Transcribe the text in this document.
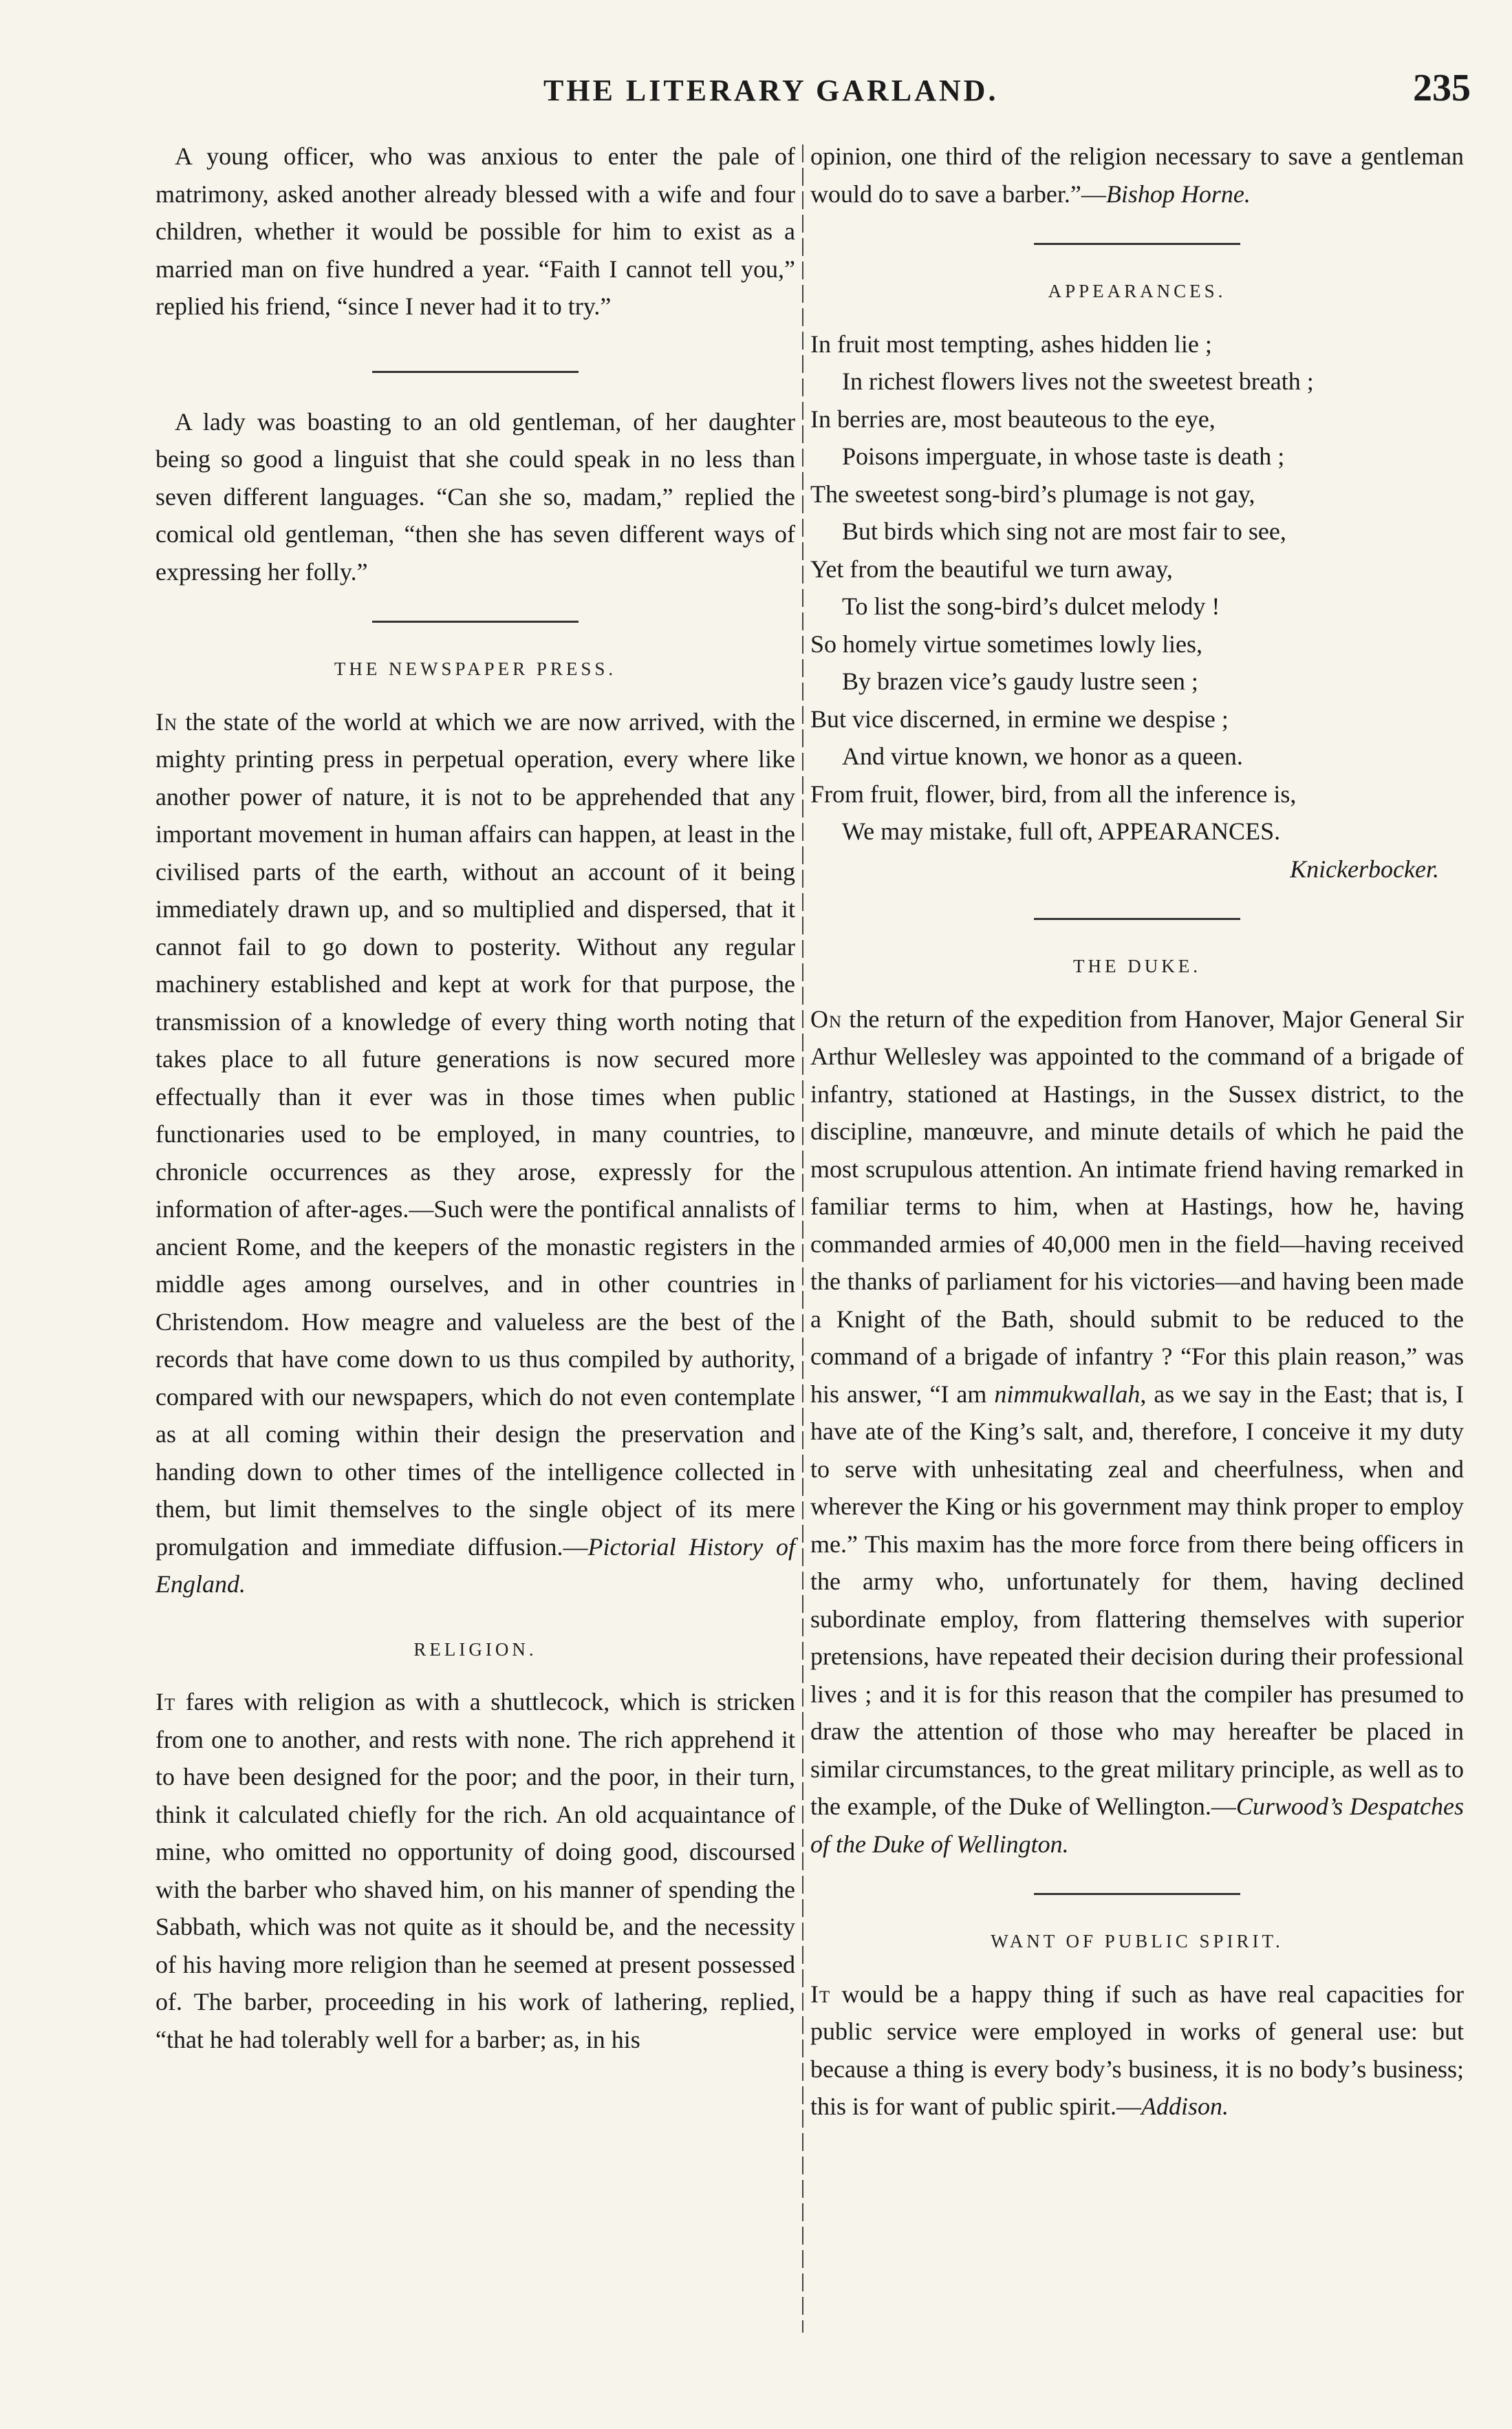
THE LITERARY GARLAND.	235

A young officer, who was anxious to enter the pale of matrimony, asked another already blessed with a wife and four children, whether it would be possible for him to exist as a married man on five hundred a year. “Faith I cannot tell you,” replied his friend, “since I never had it to try.”

A lady was boasting to an old gentleman, of her daughter being so good a linguist that she could speak in no less than seven different languages. “Can she so, madam,” replied the comical old gentleman, “then she has seven different ways of expressing her folly.”

THE NEWSPAPER PRESS.

In the state of the world at which we are now arrived, with the mighty printing press in perpetual operation, every where like another power of nature, it is not to be apprehended that any important movement in human affairs can happen, at least in the civilised parts of the earth, without an account of it being immediately drawn up, and so multiplied and dispersed, that it cannot fail to go down to posterity. Without any regular machinery established and kept at work for that purpose, the transmission of a knowledge of every thing worth noting that takes place to all future generations is now secured more effectually than it ever was in those times when public functionaries used to be employed, in many countries, to chronicle occurrences as they arose, expressly for the information of after-ages.—Such were the pontifical annalists of ancient Rome, and the keepers of the monastic registers in the middle ages among ourselves, and in other countries in Christendom. How meagre and valueless are the best of the records that have come down to us thus compiled by authority, compared with our newspapers, which do not even contemplate as at all coming within their design the preservation and handing down to other times of the intelligence collected in them, but limit themselves to the single object of its mere promulgation and immediate diffusion.—Pictorial History of England.

RELIGION.

It fares with religion as with a shuttlecock, which is stricken from one to another, and rests with none. The rich apprehend it to have been designed for the poor; and the poor, in their turn, think it calculated chiefly for the rich. An old acquaintance of mine, who omitted no opportunity of doing good, discoursed with the barber who shaved him, on his manner of spending the Sabbath, which was not quite as it should be, and the necessity of his having more religion than he seemed at present possessed of. The barber, proceeding in his work of lathering, replied, “that he had tolerably well for a barber; as, in his

opinion, one third of the religion necessary to save a gentleman would do to save a barber.”—Bishop Horne.

APPEARANCES.

In fruit most tempting, ashes hidden lie ;

In richest flowers lives not the sweetest breath ;

In berries are, most beauteous to the eye,

Poisons imperguate, in whose taste is death ;

The sweetest song-bird’s plumage is not gay,

But birds which sing not are most fair to see,

Yet from the beautiful we turn away,

To list the song-bird’s dulcet melody !

So homely virtue sometimes lowly lies,

By brazen vice’s gaudy lustre seen ;

But vice discerned, in ermine we despise ;

And virtue known, we honor as a queen.

From fruit, flower, bird, from all the inference is,

We may mistake, full oft, APPEARANCES.

Knickerbocker.

THE DUKE.

On the return of the expedition from Hanover, Major General Sir Arthur Wellesley was appointed to the command of a brigade of infantry, stationed at Hastings, in the Sussex district, to the discipline, manœuvre, and minute details of which he paid the most scrupulous attention. An intimate friend having remarked in familiar terms to him, when at Hastings, how he, having commanded armies of 40,000 men in the field—having received the thanks of parliament for his victories—and having been made a Knight of the Bath, should submit to be reduced to the command of a brigade of infantry ? “For this plain reason,” was his answer, “I am nimmukwallah, as we say in the East; that is, I have ate of the King’s salt, and, therefore, I conceive it my duty to serve with unhesitating zeal and cheerfulness, when and wherever the King or his government may think proper to employ me.” This maxim has the more force from there being officers in the army who, unfortunately for them, having declined subordinate employ, from flattering themselves with superior pretensions, have repeated their decision during their professional lives ; and it is for this reason that the compiler has presumed to draw the attention of those who may hereafter be placed in similar circumstances, to the great military principle, as well as to the example, of the Duke of Wellington.—Curwood’s Despatches of the Duke of Wellington.

WANT OF PUBLIC SPIRIT.

It would be a happy thing if such as have real capacities for public service were employed in works of general use: but because a thing is every body’s business, it is no body’s business; this is for want of public spirit.—Addison.
